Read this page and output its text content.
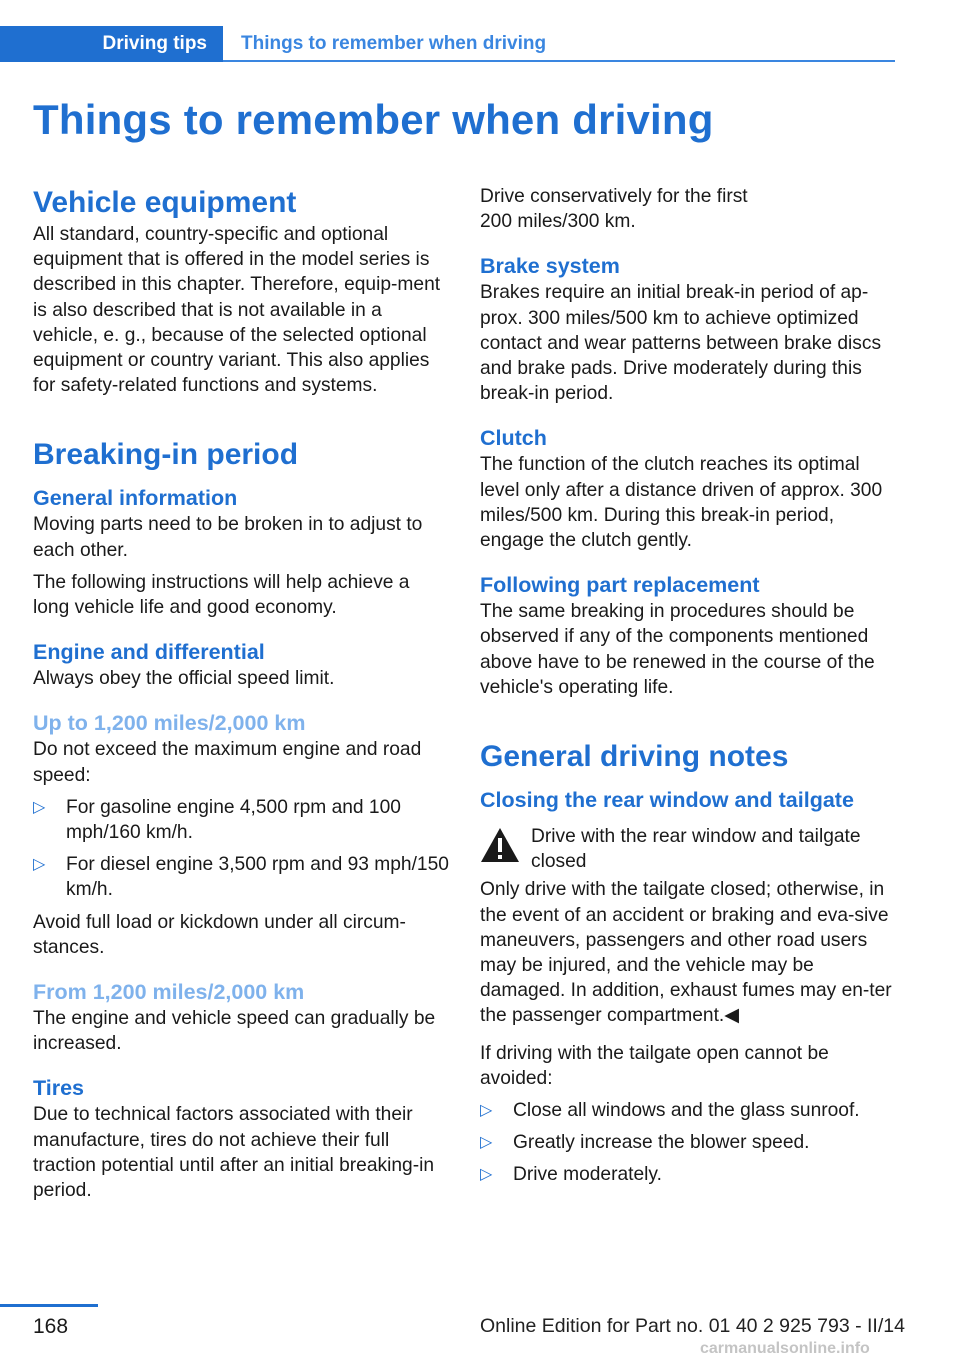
Driving tips	Things to remember when driving
Things to remember when driving
Vehicle equipment

All standard, country-specific and optional equipment that is offered in the model series is described in this chapter. Therefore, equip-ment is also described that is not available in a vehicle, e. g., because of the selected optional equipment or country variant. This also applies for safety-related functions and systems.

Breaking-in period
General information

Moving parts need to be broken in to adjust to each other.

The following instructions will help achieve a long vehicle life and good economy.

Engine and differential

Always obey the official speed limit.

Up to 1,200 miles/2,000 km

Do not exceed the maximum engine and road speed:

▷ For gasoline engine 4,500 rpm and 100 mph/160 km/h.
▷ For diesel engine 3,500 rpm and 93 mph/150 km/h.

Avoid full load or kickdown under all circum-stances.

From 1,200 miles/2,000 km

The engine and vehicle speed can gradually be increased.

Tires

Due to technical factors associated with their manufacture, tires do not achieve their full traction potential until after an initial breaking-in period.

Drive conservatively for the first 200 miles/300 km.

Brake system

Brakes require an initial break-in period of ap-prox. 300 miles/500 km to achieve optimized contact and wear patterns between brake discs and brake pads. Drive moderately during this break-in period.

Clutch

The function of the clutch reaches its optimal level only after a distance driven of approx. 300 miles/500 km. During this break-in period, engage the clutch gently.

Following part replacement

The same breaking in procedures should be observed if any of the components mentioned above have to be renewed in the course of the vehicle's operating life.

General driving notes
Closing the rear window and tailgate
Drive with the rear window and tailgate closed

Only drive with the tailgate closed; otherwise, in the event of an accident or braking and eva-sive maneuvers, passengers and other road users may be injured, and the vehicle may be damaged. In addition, exhaust fumes may en-ter the passenger compartment.◀

If driving with the tailgate open cannot be avoided:

▷ Close all windows and the glass sunroof.
▷ Greatly increase the blower speed.
▷ Drive moderately.
168	Online Edition for Part no. 01 40 2 925 793 - II/14
carmanualsonline.info
